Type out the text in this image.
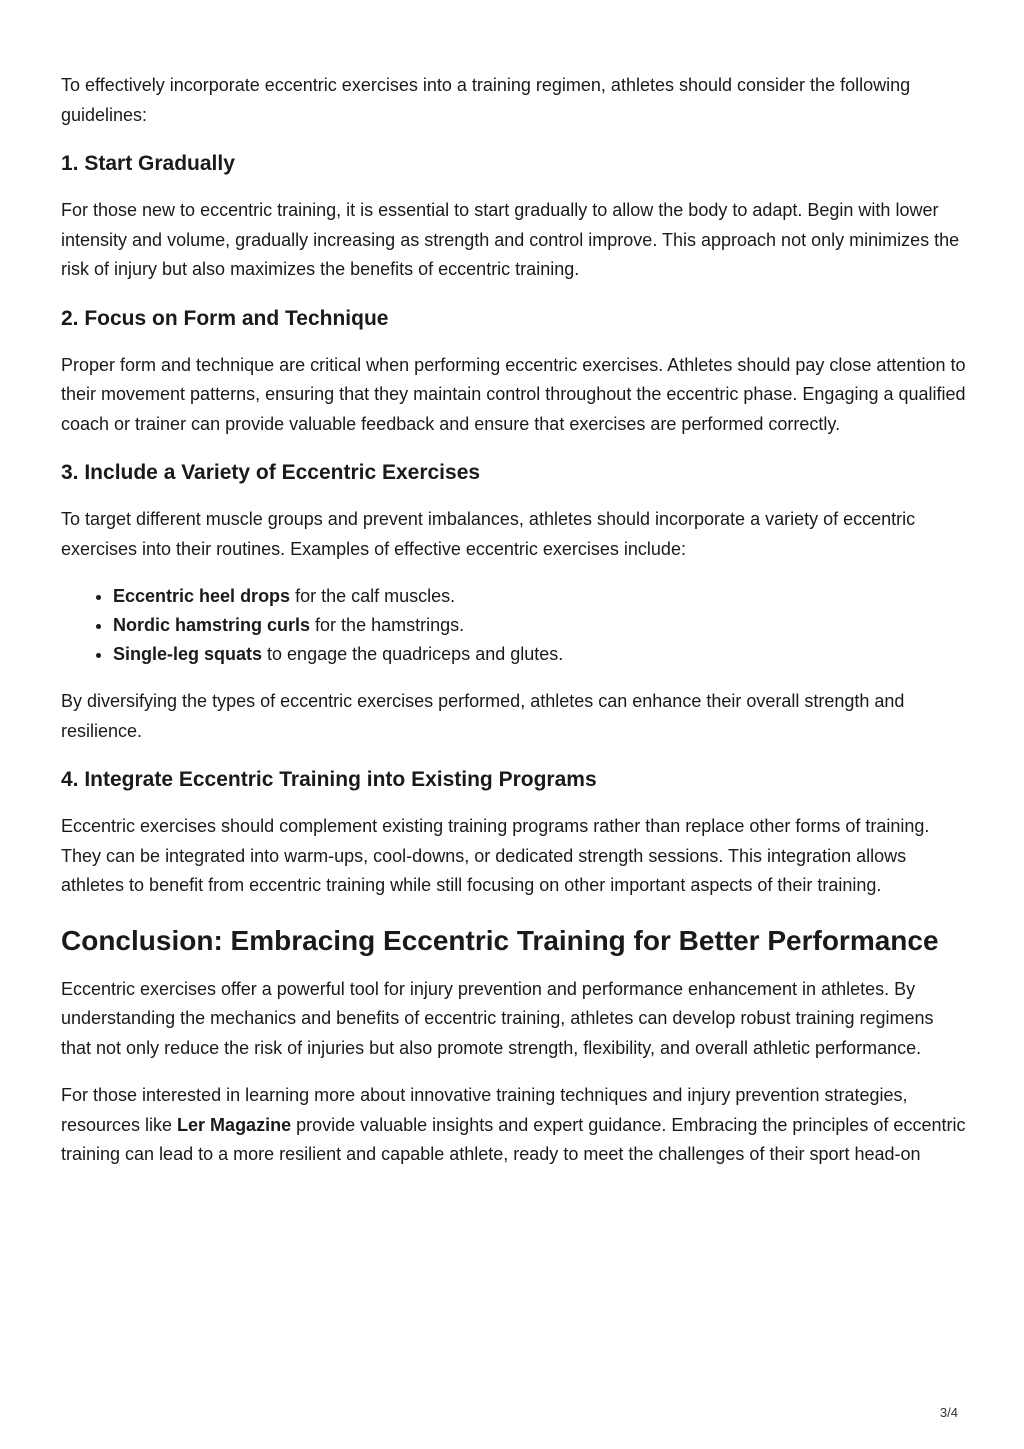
To effectively incorporate eccentric exercises into a training regimen, athletes should consider the following guidelines:

1. Start Gradually

For those new to eccentric training, it is essential to start gradually to allow the body to adapt. Begin with lower intensity and volume, gradually increasing as strength and control improve. This approach not only minimizes the risk of injury but also maximizes the benefits of eccentric training.

2. Focus on Form and Technique

Proper form and technique are critical when performing eccentric exercises. Athletes should pay close attention to their movement patterns, ensuring that they maintain control throughout the eccentric phase. Engaging a qualified coach or trainer can provide valuable feedback and ensure that exercises are performed correctly.

3. Include a Variety of Eccentric Exercises

To target different muscle groups and prevent imbalances, athletes should incorporate a variety of eccentric exercises into their routines. Examples of effective eccentric exercises include:

• Eccentric heel drops for the calf muscles.
• Nordic hamstring curls for the hamstrings.
• Single-leg squats to engage the quadriceps and glutes.

By diversifying the types of eccentric exercises performed, athletes can enhance their overall strength and resilience.

4. Integrate Eccentric Training into Existing Programs

Eccentric exercises should complement existing training programs rather than replace other forms of training. They can be integrated into warm-ups, cool-downs, or dedicated strength sessions. This integration allows athletes to benefit from eccentric training while still focusing on other important aspects of their training.

Conclusion: Embracing Eccentric Training for Better Performance

Eccentric exercises offer a powerful tool for injury prevention and performance enhancement in athletes. By understanding the mechanics and benefits of eccentric training, athletes can develop robust training regimens that not only reduce the risk of injuries but also promote strength, flexibility, and overall athletic performance.

For those interested in learning more about innovative training techniques and injury prevention strategies, resources like Ler Magazine provide valuable insights and expert guidance. Embracing the principles of eccentric training can lead to a more resilient and capable athlete, ready to meet the challenges of their sport head-on

3/4
